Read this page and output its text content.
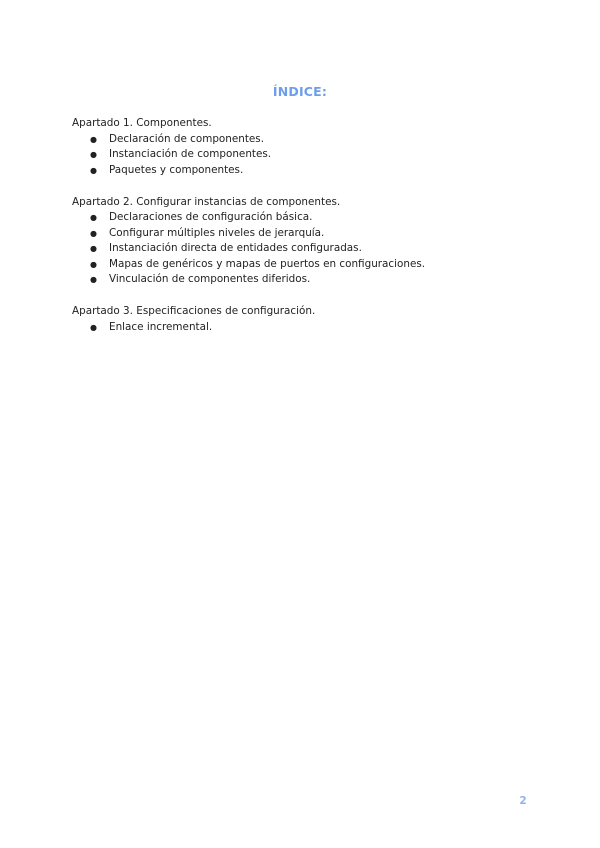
ÍNDICE:
Apartado 1. Componentes.
● Declaración de componentes.
● Instanciación de componentes.
● Paquetes y componentes.
Apartado 2. Configurar instancias de componentes.
● Declaraciones de configuración básica.
● Configurar múltiples niveles de jerarquía.
● Instanciación directa de entidades configuradas.
● Mapas de genéricos y mapas de puertos en configuraciones.
● Vinculación de componentes diferidos.
Apartado 3. Especificaciones de configuración.
● Enlace incremental.
2
